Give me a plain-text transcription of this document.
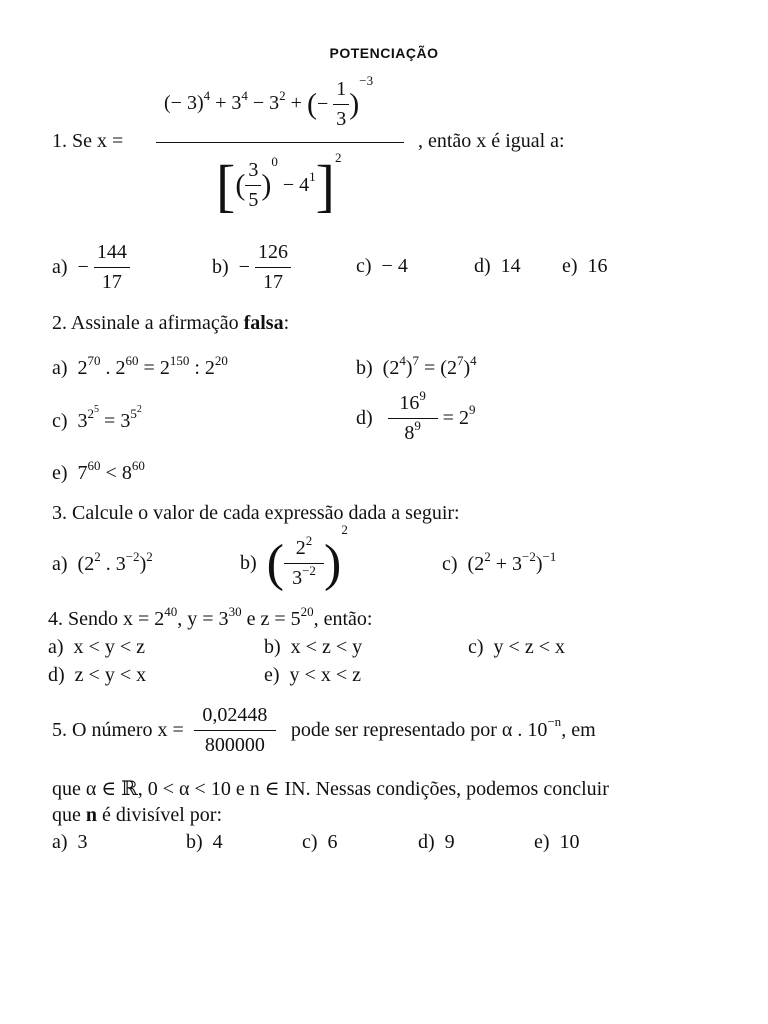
POTENCIAÇÃO
(− $3)^4 + 3^4 - 3^2$ + (− $\frac{1}{3} )^{-3}$
1. Se x =	, então x é igual a:
[( $\frac{3}{5} )^0 - 4^1]^2$
$a) - \frac{144}{17}$	$b) - \frac{126}{17}$	c) − 4	d) 14 e) 16
2. Assinale a afirmação falsa:
a) $2^{70}$ . $2^{60} = 2^{150}$ : $2^{20}$	b) $(2^4)^7 = (2^7)^4$
c) $3^{2^5} = 3^{5^2}$	$d) \frac{16^9}{8^9} = 2^9$
e) $7^{60} < 8^{60}$
3. Calcule o valor de cada expressão dada a seguir:
a) ($2^2$ . $3^{-2})^2$	b) ( $\frac{2^2}{3^{-2}} )^2$
c) $(2^2 + 3^{-2})^{-1}$
4. Sendo $x = 2^{40}$, $y = 3^{30}$ e $z = 5^{20}$, então:
a) x < y < z	b) x < z < y	c) y < z < x
d) z < y < x	e) y < x < z
5. O número $x = \frac{0,02448}{800000}$ pode ser representado por α . $10^{-n}$, em
que α ∈ ℝ, 0 < α < 10 e n ∈ IN. Nessas condições, podemos concluir
que n é divisível por:
a) 3	b) 4	c) 6	d) 9	e) 10
